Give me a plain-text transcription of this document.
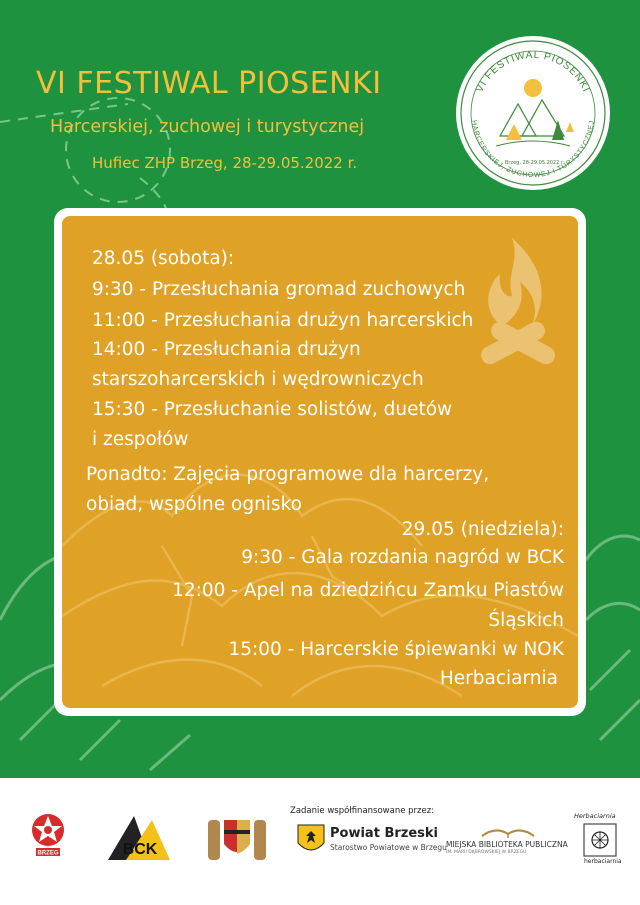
VI FESTIWAL PIOSENKI
Harcerskiej, zuchowej i turystycznej
Hufiec ZHP Brzeg, 28-29.05.2022 r.
VI FESTIWAL PIOSENKI
HARCERSKIEJ, ZUCHOWEJ I TURYSTYCZNEJ
Brzeg, 28-29.05.2022 r.
28.05 (sobota):
9:30 - Przesłuchania gromad zuchowych
11:00 - Przesłuchania drużyn harcerskich
14:00 - Przesłuchania drużyn
starszoharcerskich i wędrowniczych
15:30 - Przesłuchanie solistów, duetów
i zespołów
Ponadto: Zajęcia programowe dla harcerzy,
obiad, wspólne ognisko
29.05 (niedziela):
9:30 - Gala rozdania nagród w BCK
12:00 - Apel na dziedzińcu Zamku Piastów
Śląskich
15:00 - Harcerskie śpiewanki w NOK
Herbaciarnia
Zadanie współfinansowane przez:
BRZEG	BCK
Powiat Brzeski
Starostwo Powiatowe w Brzegu MIEJSKA BIBLIOTEKA PUBLICZNA
IM. MARII DĄBROWSKIEJ W BRZEGU
Herbaciarnia
herbaciarnia
